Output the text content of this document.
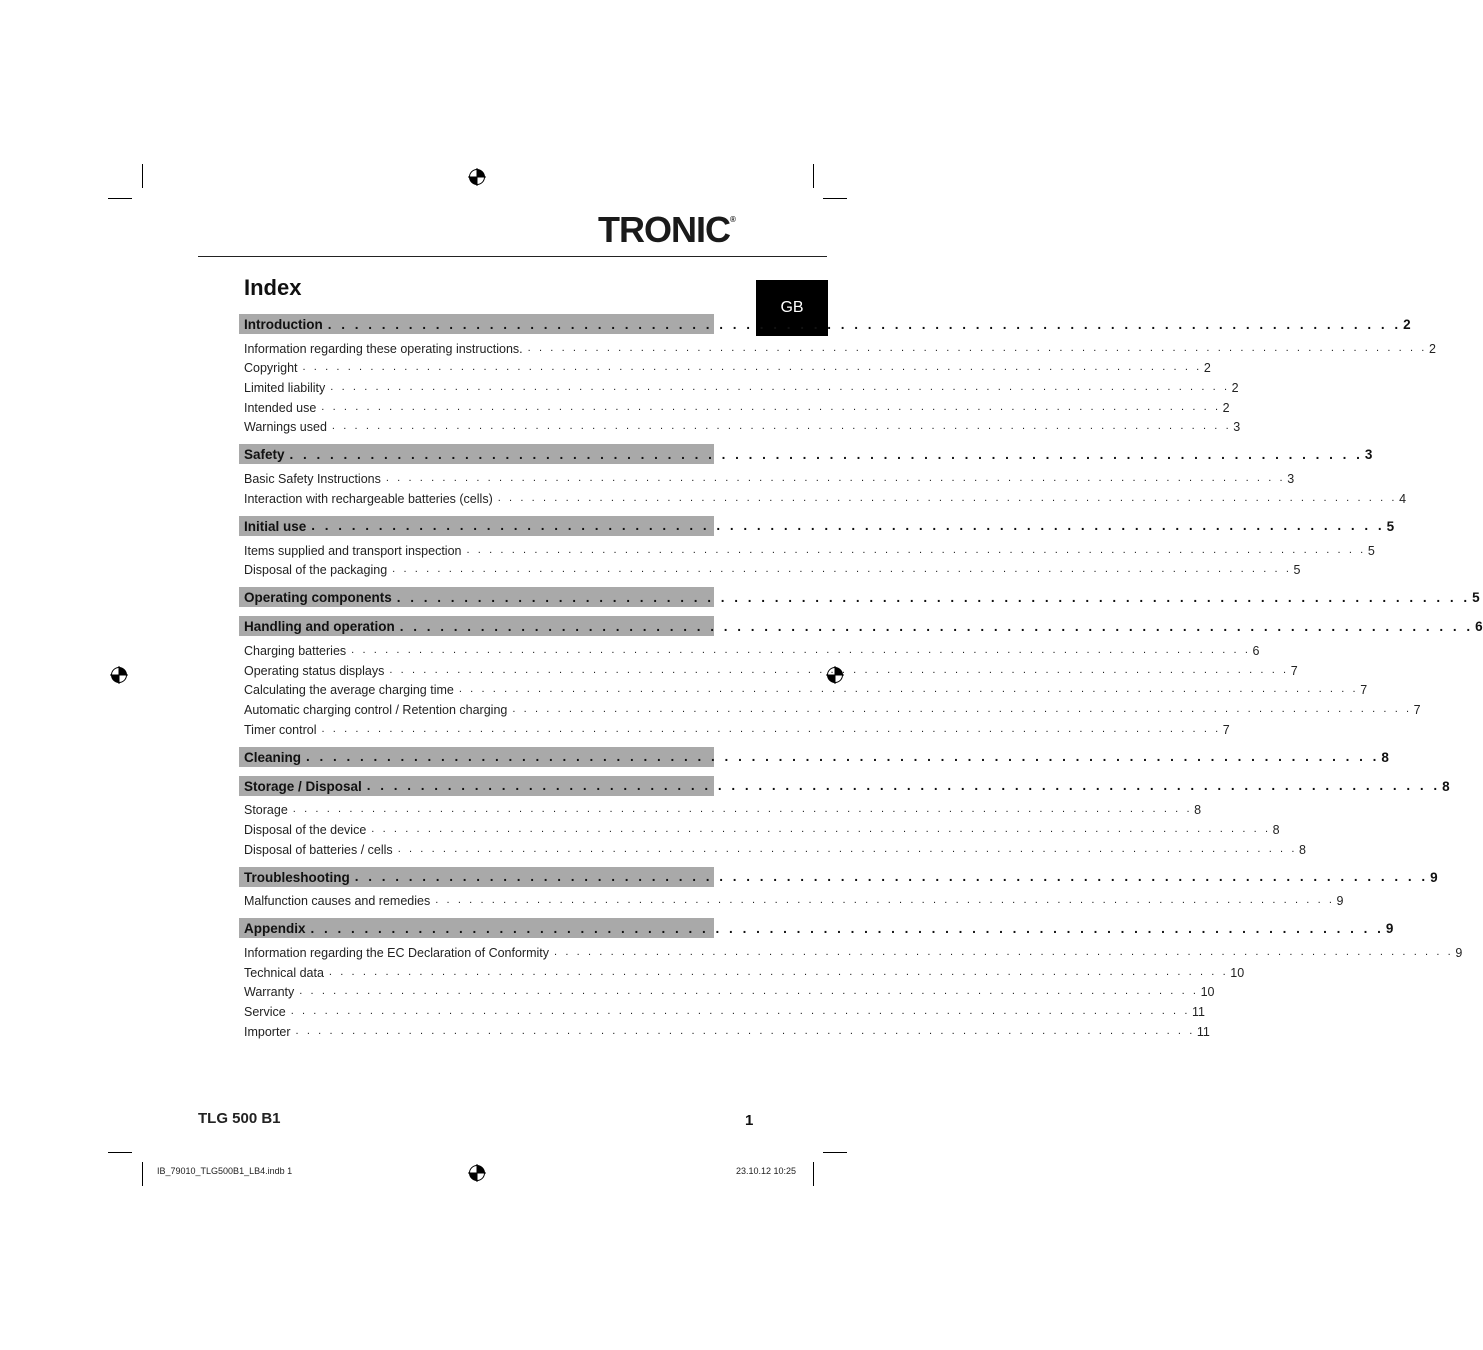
TRONIC®
GB
Index
Introduction . . . . . . . . . . . . . . . . . . . . . . . . . . . . . . . . . . . . . . . . . . . . . . . . . . . . . . . . . . . . . . . . . . . . . . . . . . . . . . . . 2
Information regarding these operating instructions. . . . . . . . . . . . . . . . . . . . . . . . . . . . . . . . . . . . . . . . . . . . . . . . . . . . . . . . . . . . . . . . . . . . . . . . . . . . . . . . . 2
Copyright . . . . . . . . . . . . . . . . . . . . . . . . . . . . . . . . . . . . . . . . . . . . . . . . . . . . . . . . . . . . . . . . . . . . . . . . . . . . . . . . 2
Limited liability . . . . . . . . . . . . . . . . . . . . . . . . . . . . . . . . . . . . . . . . . . . . . . . . . . . . . . . . . . . . . . . . . . . . . . . . . . . . . . . . 2
Intended use . . . . . . . . . . . . . . . . . . . . . . . . . . . . . . . . . . . . . . . . . . . . . . . . . . . . . . . . . . . . . . . . . . . . . . . . . . . . . . . . 2
Warnings used . . . . . . . . . . . . . . . . . . . . . . . . . . . . . . . . . . . . . . . . . . . . . . . . . . . . . . . . . . . . . . . . . . . . . . . . . . . . . . . . 3
Safety . . . . . . . . . . . . . . . . . . . . . . . . . . . . . . . . . . . . . . . . . . . . . . . . . . . . . . . . . . . . . . . . . . . . . . . . . . . . . . . . 3
Basic Safety Instructions . . . . . . . . . . . . . . . . . . . . . . . . . . . . . . . . . . . . . . . . . . . . . . . . . . . . . . . . . . . . . . . . . . . . . . . . . . . . . . . . 3
Interaction with rechargeable batteries (cells) . . . . . . . . . . . . . . . . . . . . . . . . . . . . . . . . . . . . . . . . . . . . . . . . . . . . . . . . . . . . . . . . . . . . . . . . . . . . . . . . 4
Initial use . . . . . . . . . . . . . . . . . . . . . . . . . . . . . . . . . . . . . . . . . . . . . . . . . . . . . . . . . . . . . . . . . . . . . . . . . . . . . . . . 5
Items supplied and transport inspection . . . . . . . . . . . . . . . . . . . . . . . . . . . . . . . . . . . . . . . . . . . . . . . . . . . . . . . . . . . . . . . . . . . . . . . . . . . . . . . . 5
Disposal of the packaging . . . . . . . . . . . . . . . . . . . . . . . . . . . . . . . . . . . . . . . . . . . . . . . . . . . . . . . . . . . . . . . . . . . . . . . . . . . . . . . . 5
Operating components . . . . . . . . . . . . . . . . . . . . . . . . . . . . . . . . . . . . . . . . . . . . . . . . . . . . . . . . . . . . . . . . . . . . . . . . . . . . . . . . 5
Handling and operation . . . . . . . . . . . . . . . . . . . . . . . . . . . . . . . . . . . . . . . . . . . . . . . . . . . . . . . . . . . . . . . . . . . . . . . . . . . . . . . . 6
Charging batteries . . . . . . . . . . . . . . . . . . . . . . . . . . . . . . . . . . . . . . . . . . . . . . . . . . . . . . . . . . . . . . . . . . . . . . . . . . . . . . . . 6
Operating status displays . . . . . . . . . . . . . . . . . . . . . . . . . . . . . . . . . . . . . . . . . . . . . . . . . . . . . . . . . . . . . . . . . . . . . . . . . . . . . . . . 7
Calculating the average charging time . . . . . . . . . . . . . . . . . . . . . . . . . . . . . . . . . . . . . . . . . . . . . . . . . . . . . . . . . . . . . . . . . . . . . . . . . . . . . . . . 7
Automatic charging control / Retention charging . . . . . . . . . . . . . . . . . . . . . . . . . . . . . . . . . . . . . . . . . . . . . . . . . . . . . . . . . . . . . . . . . . . . . . . . . . . . . . . . 7
Timer control . . . . . . . . . . . . . . . . . . . . . . . . . . . . . . . . . . . . . . . . . . . . . . . . . . . . . . . . . . . . . . . . . . . . . . . . . . . . . . . . 7
Cleaning . . . . . . . . . . . . . . . . . . . . . . . . . . . . . . . . . . . . . . . . . . . . . . . . . . . . . . . . . . . . . . . . . . . . . . . . . . . . . . . . 8
Storage / Disposal . . . . . . . . . . . . . . . . . . . . . . . . . . . . . . . . . . . . . . . . . . . . . . . . . . . . . . . . . . . . . . . . . . . . . . . . . . . . . . . . 8
Storage . . . . . . . . . . . . . . . . . . . . . . . . . . . . . . . . . . . . . . . . . . . . . . . . . . . . . . . . . . . . . . . . . . . . . . . . . . . . . . . . 8
Disposal of the device . . . . . . . . . . . . . . . . . . . . . . . . . . . . . . . . . . . . . . . . . . . . . . . . . . . . . . . . . . . . . . . . . . . . . . . . . . . . . . . . 8
Disposal of batteries / cells . . . . . . . . . . . . . . . . . . . . . . . . . . . . . . . . . . . . . . . . . . . . . . . . . . . . . . . . . . . . . . . . . . . . . . . . . . . . . . . . 8
Troubleshooting . . . . . . . . . . . . . . . . . . . . . . . . . . . . . . . . . . . . . . . . . . . . . . . . . . . . . . . . . . . . . . . . . . . . . . . . . . . . . . . . 9
Malfunction causes and remedies . . . . . . . . . . . . . . . . . . . . . . . . . . . . . . . . . . . . . . . . . . . . . . . . . . . . . . . . . . . . . . . . . . . . . . . . . . . . . . . . 9
Appendix . . . . . . . . . . . . . . . . . . . . . . . . . . . . . . . . . . . . . . . . . . . . . . . . . . . . . . . . . . . . . . . . . . . . . . . . . . . . . . . . 9
Information regarding the EC Declaration of Conformity . . . . . . . . . . . . . . . . . . . . . . . . . . . . . . . . . . . . . . . . . . . . . . . . . . . . . . . . . . . . . . . . . . . . . . . . . . . . . . . . 9
Technical data . . . . . . . . . . . . . . . . . . . . . . . . . . . . . . . . . . . . . . . . . . . . . . . . . . . . . . . . . . . . . . . . . . . . . . . . . . . . . . . . 10
Warranty . . . . . . . . . . . . . . . . . . . . . . . . . . . . . . . . . . . . . . . . . . . . . . . . . . . . . . . . . . . . . . . . . . . . . . . . . . . . . . . . 10
Service . . . . . . . . . . . . . . . . . . . . . . . . . . . . . . . . . . . . . . . . . . . . . . . . . . . . . . . . . . . . . . . . . . . . . . . . . . . . . . . . 11
Importer . . . . . . . . . . . . . . . . . . . . . . . . . . . . . . . . . . . . . . . . . . . . . . . . . . . . . . . . . . . . . . . . . . . . . . . . . . . . . . . . 11
TLG 500 B1	1
IB_79010_TLG500B1_LB4.indb 1	23.10.12 10:25
